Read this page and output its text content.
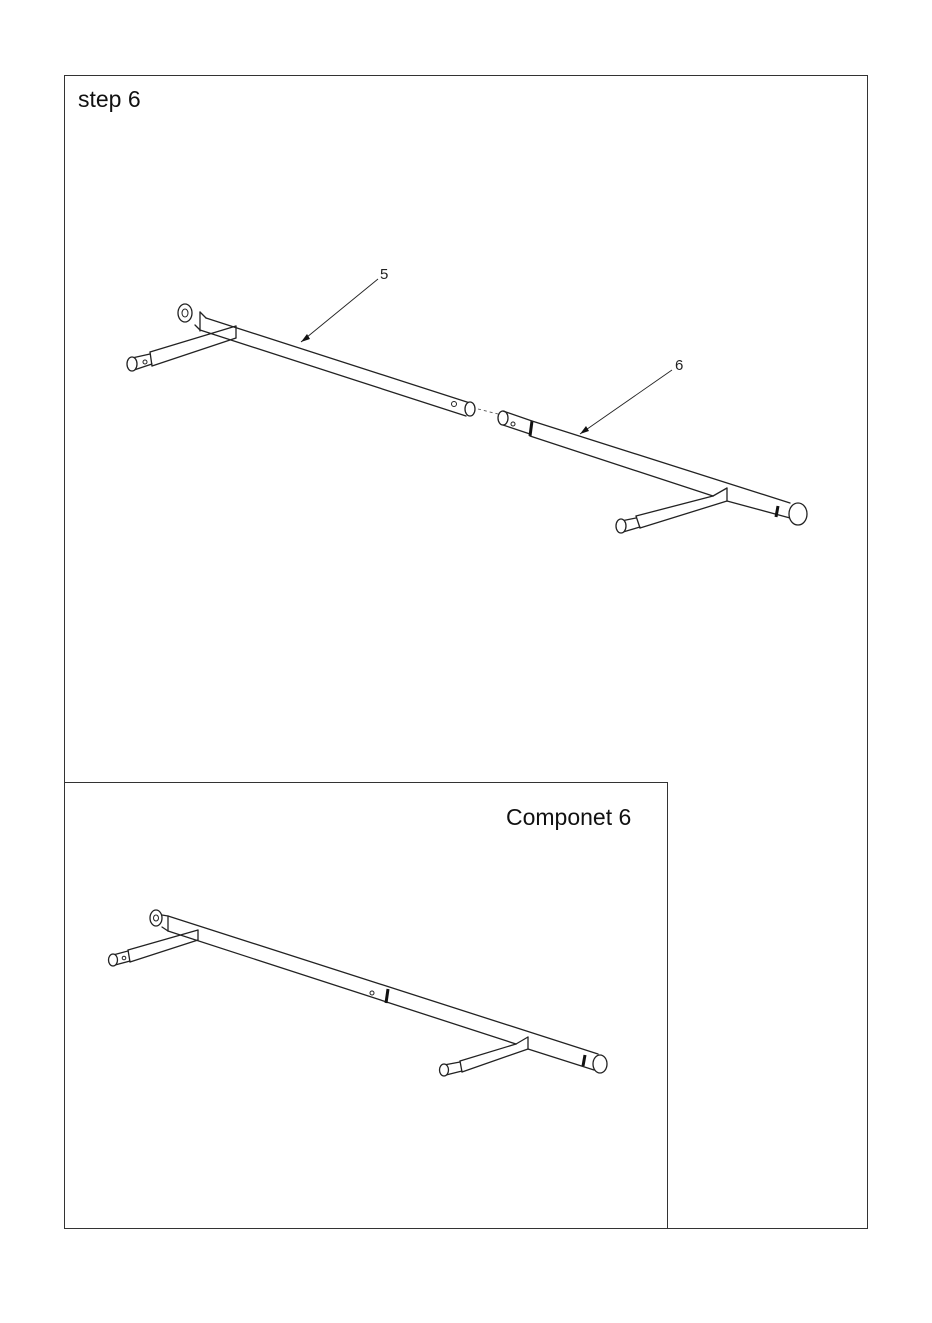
step 6
Componet 6
5
6
